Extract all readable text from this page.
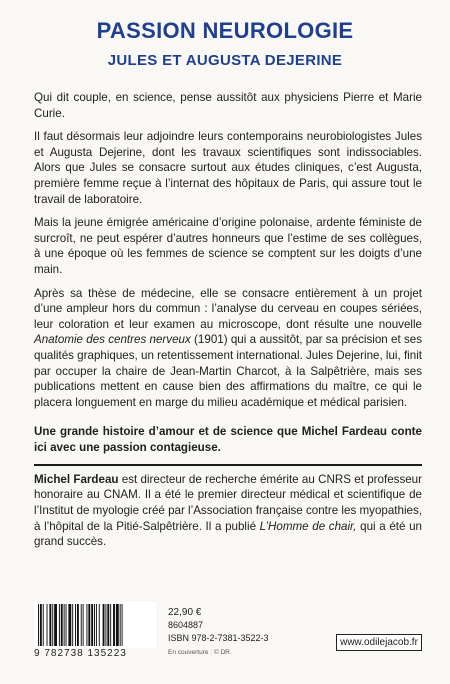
PASSION NEUROLOGIE
JULES ET AUGUSTA DEJERINE

Qui dit couple, en science, pense aussitôt aux physiciens Pierre et Marie Curie.

Il faut désormais leur adjoindre leurs contemporains neurobiologistes Jules et Augusta Dejerine, dont les travaux scientifiques sont indissociables. Alors que Jules se consacre surtout aux études cliniques, c’est Augusta, première femme reçue à l’internat des hôpitaux de Paris, qui assure tout le travail de laboratoire.

Mais la jeune émigrée américaine d’origine polonaise, ardente féministe de surcroît, ne peut espérer d’autres honneurs que l’estime de ses collègues, à une époque où les femmes de science se comptent sur les doigts d’une main.

Après sa thèse de médecine, elle se consacre entièrement à un projet d’une ampleur hors du commun : l’analyse du cerveau en coupes sériées, leur coloration et leur examen au microscope, dont résulte une nouvelle Anatomie des centres nerveux (1901) qui a aussitôt, par sa précision et ses qualités graphiques, un retentissement international. Jules Dejerine, lui, finit par occuper la chaire de Jean-Martin Charcot, à la Salpêtrière, mais ses publications mettent en cause bien des affirmations du maître, ce qui le placera longuement en marge du milieu académique et médical parisien.

Une grande histoire d’amour et de science que Michel Fardeau conte ici avec une passion contagieuse.

Michel Fardeau est directeur de recherche émérite au CNRS et professeur honoraire au CNAM. Il a été le premier directeur médical et scientifique de l’Institut de myologie créé par l’Association française contre les myopathies, à l’hôpital de la Pitié-Salpêtrière. Il a publié L’Homme de chair, qui a été un grand succès.

9 782738 135223
22,90 €
8604887
ISBN 978-2-7381-3522-3
En couverture : © DR.
www.odilejacob.fr
